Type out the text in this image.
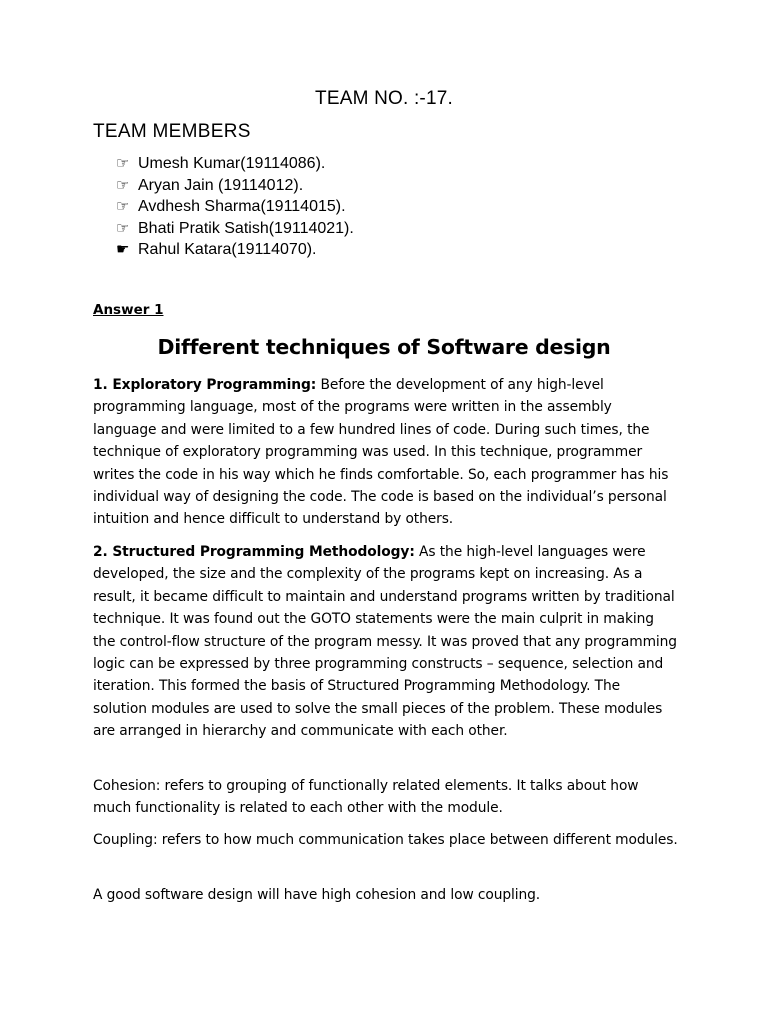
TEAM NO. :-17.
TEAM MEMBERS
☞ Umesh Kumar(19114086).
☞ Aryan Jain (19114012).
☞ Avdhesh Sharma(19114015).
☞ Bhati Pratik Satish(19114021).
☛ Rahul Katara(19114070).
Answer 1
Different techniques of Software design

1. Exploratory Programming: Before the development of any high-level programming language, most of the programs were written in the assembly language and were limited to a few hundred lines of code. During such times, the technique of exploratory programming was used. In this technique, programmer writes the code in his way which he finds comfortable. So, each programmer has his individual way of designing the code. The code is based on the individual’s personal intuition and hence difficult to understand by others.

2. Structured Programming Methodology: As the high-level languages were developed, the size and the complexity of the programs kept on increasing. As a result, it became difficult to maintain and understand programs written by traditional technique. It was found out the GOTO statements were the main culprit in making the control-flow structure of the program messy. It was proved that any programming logic can be expressed by three programming constructs – sequence, selection and iteration. This formed the basis of Structured Programming Methodology. The solution modules are used to solve the small pieces of the problem. These modules are arranged in hierarchy and communicate with each other.

Cohesion: refers to grouping of functionally related elements. It talks about how much functionality is related to each other with the module.

Coupling: refers to how much communication takes place between different modules.

A good software design will have high cohesion and low coupling.
